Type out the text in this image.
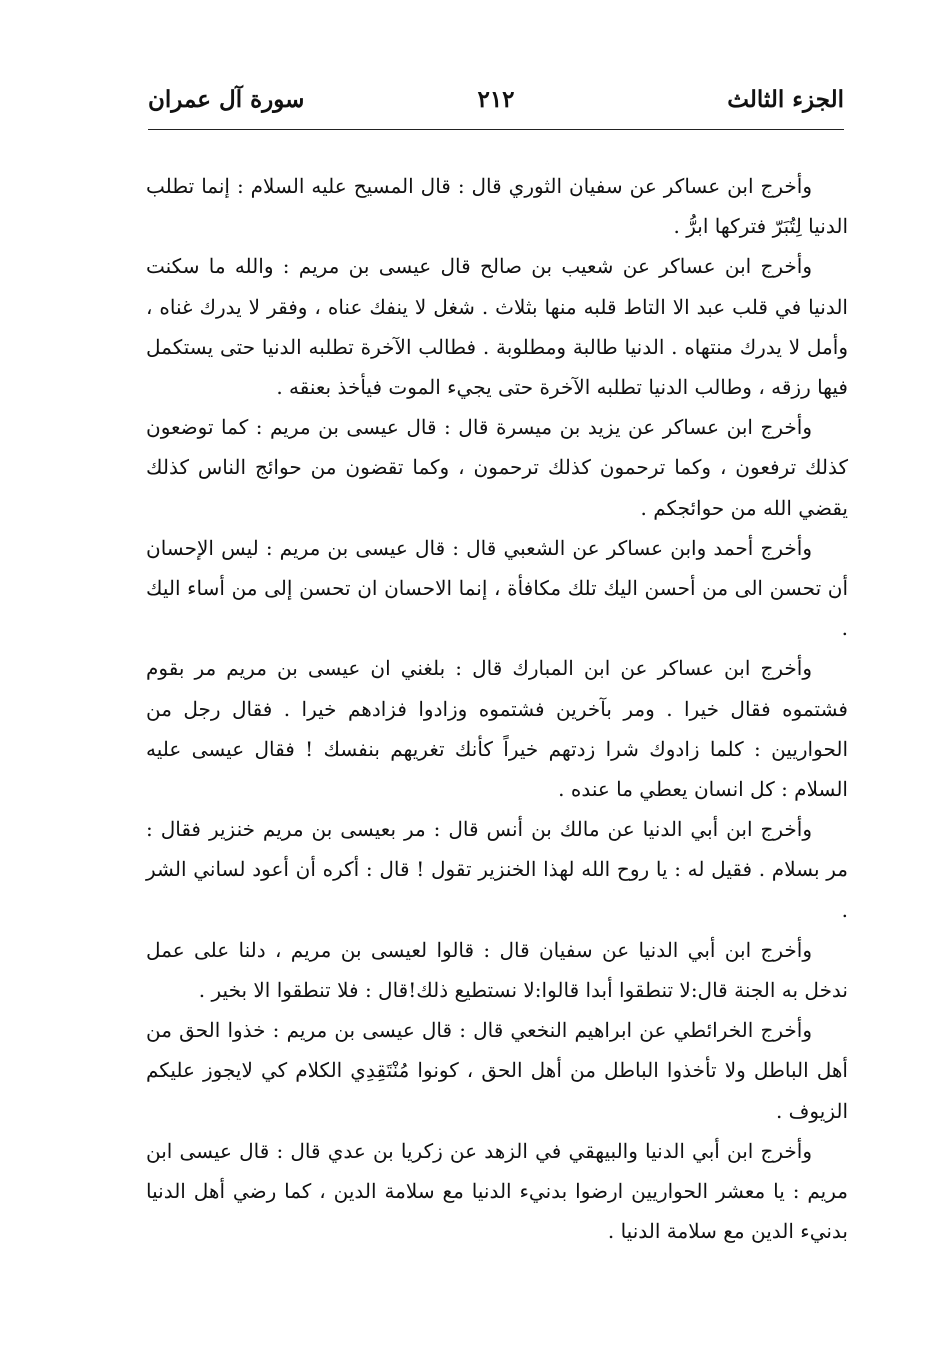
الجزء الثالث
٢١٢
سورة آل عمران

وأخرج ابن عساكر عن سفيان الثوري قال : قال المسيح عليه السلام : إنما تطلب الدنيا لِتُبَرّ فتركها ابرُّ .

وأخرج ابن عساكر عن شعيب بن صالح قال عيسى بن مريم : والله ما سكنت الدنيا في قلب عبد الا التاط قلبه منها بثلاث . شغل لا ينفك عناه ، وفقر لا يدرك غناه ، وأمل لا يدرك منتهاه . الدنيا طالبة ومطلوبة . فطالب الآخرة تطلبه الدنيا حتى يستكمل فيها رزقه ، وطالب الدنيا تطلبه الآخرة حتى يجيء الموت فيأخذ بعنقه .

وأخرج ابن عساكر عن يزيد بن ميسرة قال : قال عيسى بن مريم : كما توضعون كذلك ترفعون ، وكما ترحمون كذلك ترحمون ، وكما تقضون من حوائج الناس كذلك يقضي الله من حوائجكم .

وأخرج أحمد وابن عساكر عن الشعبي قال : قال عيسى بن مريم : ليس الإحسان أن تحسن الى من أحسن اليك تلك مكافأة ، إنما الاحسان ان تحسن إلى من أساء اليك .

وأخرج ابن عساكر عن ابن المبارك قال : بلغني ان عيسى بن مريم مر بقوم فشتموه فقال خيرا . ومر بآخرين فشتموه وزادوا فزادهم خيرا . فقال رجل من الحواريين : كلما زادوك شرا زدتهم خيراً كأنك تغريهم بنفسك ! فقال عيسى عليه السلام : كل انسان يعطي ما عنده .

وأخرج ابن أبي الدنيا عن مالك بن أنس قال : مر بعيسى بن مريم خنزير فقال : مر بسلام . فقيل له : يا روح الله لهذا الخنزير تقول ! قال : أكره أن أعود لساني الشر .

وأخرج ابن أبي الدنيا عن سفيان قال : قالوا لعيسى بن مريم ، دلنا على عمل ندخل به الجنة قال:لا تنطقوا أبدا قالوا:لا نستطيع ذلك!قال : فلا تنطقوا الا بخير .

وأخرج الخرائطي عن ابراهيم النخعي قال : قال عيسى بن مريم : خذوا الحق من أهل الباطل ولا تأخذوا الباطل من أهل الحق ، كونوا مُنْتَقِدِي الكلام كي لايجوز عليكم الزيوف .

وأخرج ابن أبي الدنيا والبيهقي في الزهد عن زكريا بن عدي قال : قال عيسى ابن مريم : يا معشر الحواريين ارضوا بدنيء الدنيا مع سلامة الدين ، كما رضي أهل الدنيا بدنيء الدين مع سلامة الدنيا .
